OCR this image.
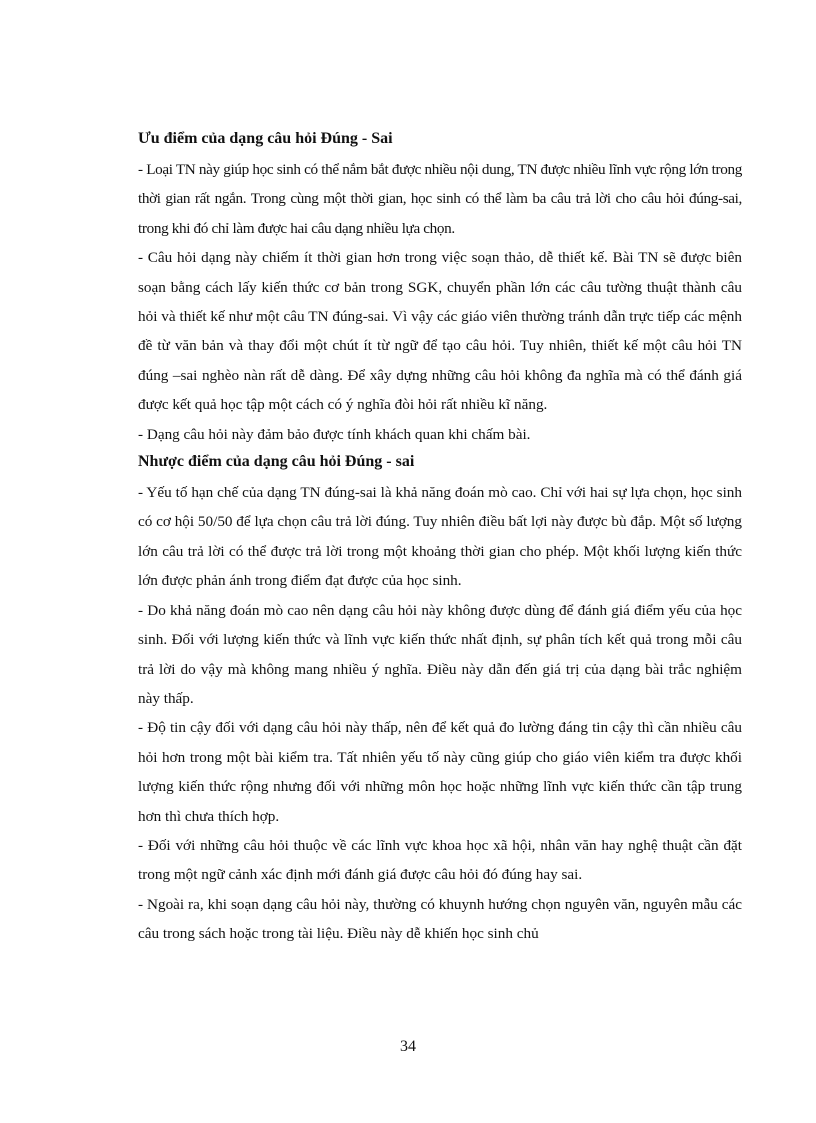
Ưu điểm của dạng câu hỏi Đúng - Sai

- Loại TN này giúp học sinh có thể nắm bắt được nhiều nội dung, TN được nhiều lĩnh vực rộng lớn trong thời gian rất ngắn. Trong cùng một thời gian, học sinh có thể làm ba câu trả lời cho câu hỏi đúng-sai, trong khi đó chỉ làm được hai câu dạng nhiều lựa chọn.

- Câu hỏi dạng này chiếm ít thời gian hơn trong việc soạn thảo, dễ thiết kế. Bài TN sẽ được biên soạn bằng cách lấy kiến thức cơ bản trong SGK, chuyển phần lớn các câu tường thuật thành câu hỏi và thiết kế như một câu TN đúng-sai. Vì vậy các giáo viên thường tránh dẫn trực tiếp các mệnh đề từ văn bản và thay đổi một chút ít từ ngữ để tạo câu hỏi. Tuy nhiên, thiết kế một câu hỏi TN đúng –sai nghèo nàn rất dễ dàng. Để xây dựng những câu hỏi không đa nghĩa mà có thể đánh giá được kết quả học tập một cách có ý nghĩa đòi hỏi rất nhiều kĩ năng.

- Dạng câu hỏi này đảm bảo được tính khách quan khi chấm bài.

Nhược điểm của dạng câu hỏi Đúng - sai

- Yếu tố hạn chế của dạng TN đúng-sai là khả năng đoán mò cao. Chỉ với hai sự lựa chọn, học sinh có cơ hội 50/50 để lựa chọn câu trả lời đúng. Tuy nhiên điều bất lợi này được bù đắp. Một số lượng lớn câu trả lời có thể được trả lời trong một khoảng thời gian cho phép. Một khối lượng kiến thức lớn được phản ánh trong điểm đạt được của học sinh.

- Do khả năng đoán mò cao nên dạng câu hỏi này không được dùng để đánh giá điểm yếu của học sinh. Đối với lượng kiến thức và lĩnh vực kiến thức nhất định, sự phân tích kết quả trong mỗi câu trả lời do vậy mà không mang nhiều ý nghĩa. Điều này dẫn đến giá trị của dạng bài trắc nghiệm này thấp.

- Độ tin cậy đối với dạng câu hỏi này thấp, nên để kết quả đo lường đáng tin cậy thì cần nhiều câu hỏi hơn trong một bài kiểm tra. Tất nhiên yếu tố này cũng giúp cho giáo viên kiểm tra được khối lượng kiến thức rộng nhưng đối với những môn học hoặc những lĩnh vực kiến thức cần tập trung hơn thì chưa thích hợp.

- Đối với những câu hỏi thuộc về các lĩnh vực khoa học xã hội, nhân văn hay nghệ thuật cần đặt trong một ngữ cảnh xác định mới đánh giá được câu hỏi đó đúng hay sai.

- Ngoài ra, khi soạn dạng câu hỏi này, thường có khuynh hướng chọn nguyên văn, nguyên mẫu các câu trong sách hoặc trong tài liệu. Điều này dễ khiến học sinh chủ

34
